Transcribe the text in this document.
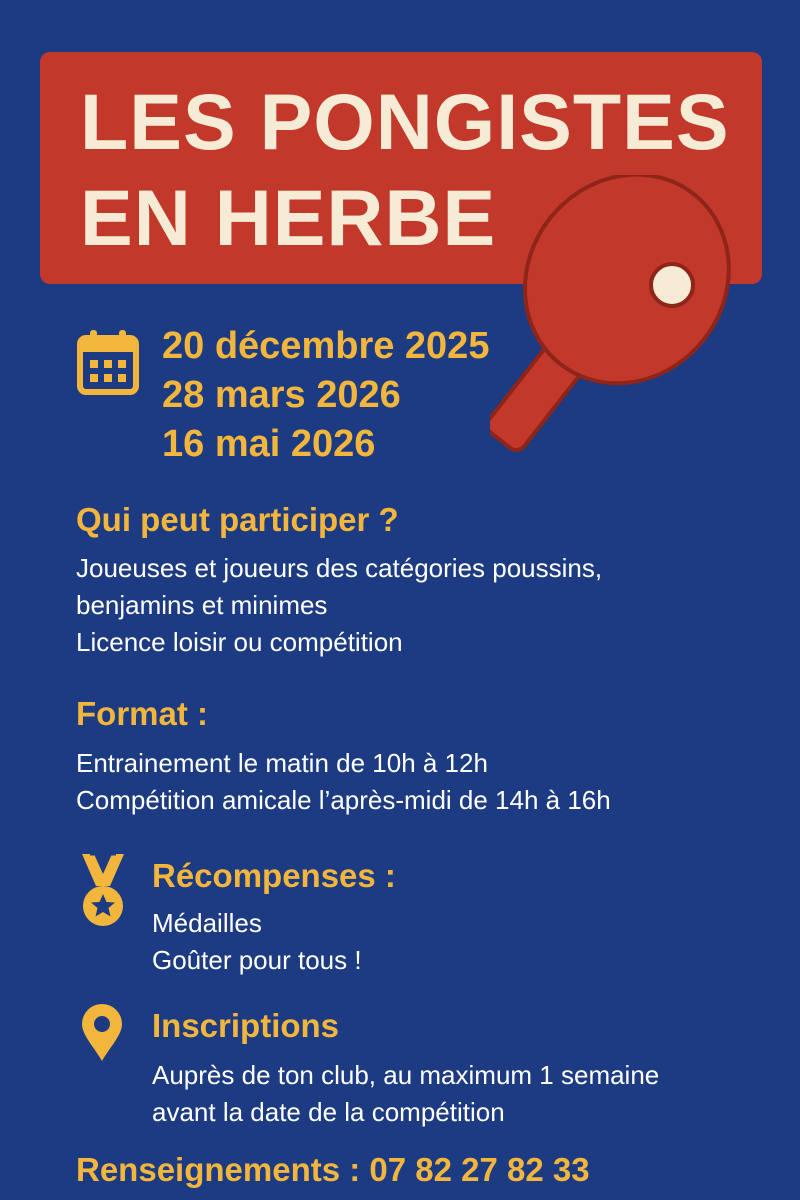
LES PONGISTES
EN HERBE
20 décembre 2025
28 mars 2026
16 mai 2026
Qui peut participer ?
Joueuses et joueurs des catégories poussins,
benjamins et minimes
Licence loisir ou compétition
Format :
Entrainement le matin de 10h à 12h
Compétition amicale l’après-midi de 14h à 16h
Récompenses :
Médailles
Goûter pour tous !
Inscriptions
Auprès de ton club, au maximum 1 semaine
avant la date de la compétition
Renseignements : 07 82 27 82 33
